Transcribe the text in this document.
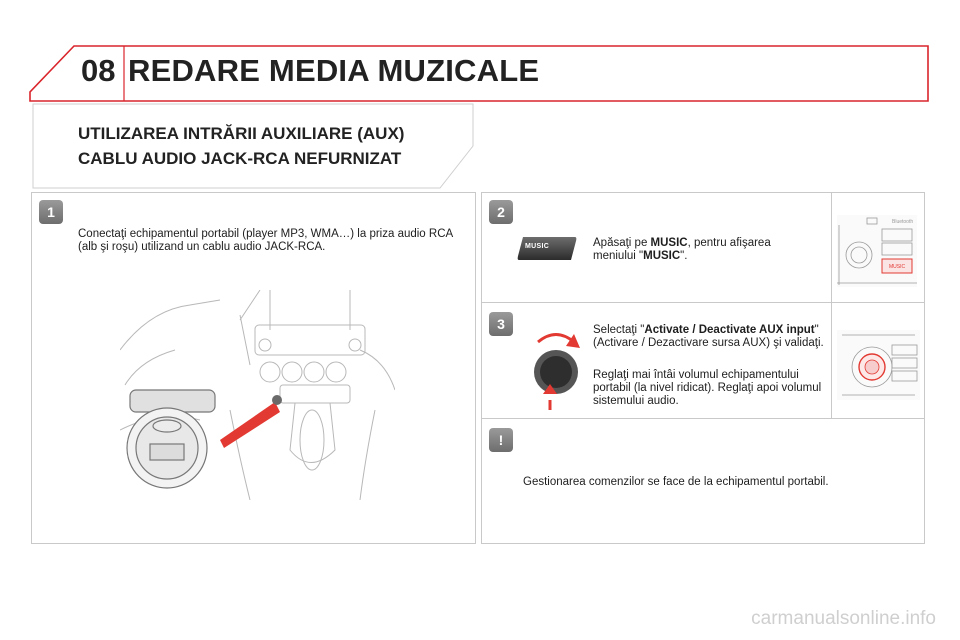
08 REDARE MEDIA MUZICALE
UTILIZAREA INTRĂRII AUXILIARE (AUX)
CABLU AUDIO JACK-RCA NEFURNIZAT
1
Conectaţi echipamentul portabil (player MP3, WMA…) la priza audio RCA (alb şi roşu) utilizand un cablu audio JACK-RCA.
2
MUSIC	Apăsaţi pe MUSIC, pentru afişarea meniului "MUSIC".
Bluetooth
MUSIC
3	Selectaţi "Activate / Deactivate AUX input" (Activare / Dezactivare sursa AUX) şi validaţi.
Reglaţi mai întâi volumul echipamentului portabil (la nivel ridicat). Reglaţi apoi volumul sistemului audio.
!
Gestionarea comenzilor se face de la echipamentul portabil.
carmanualsonline.info
